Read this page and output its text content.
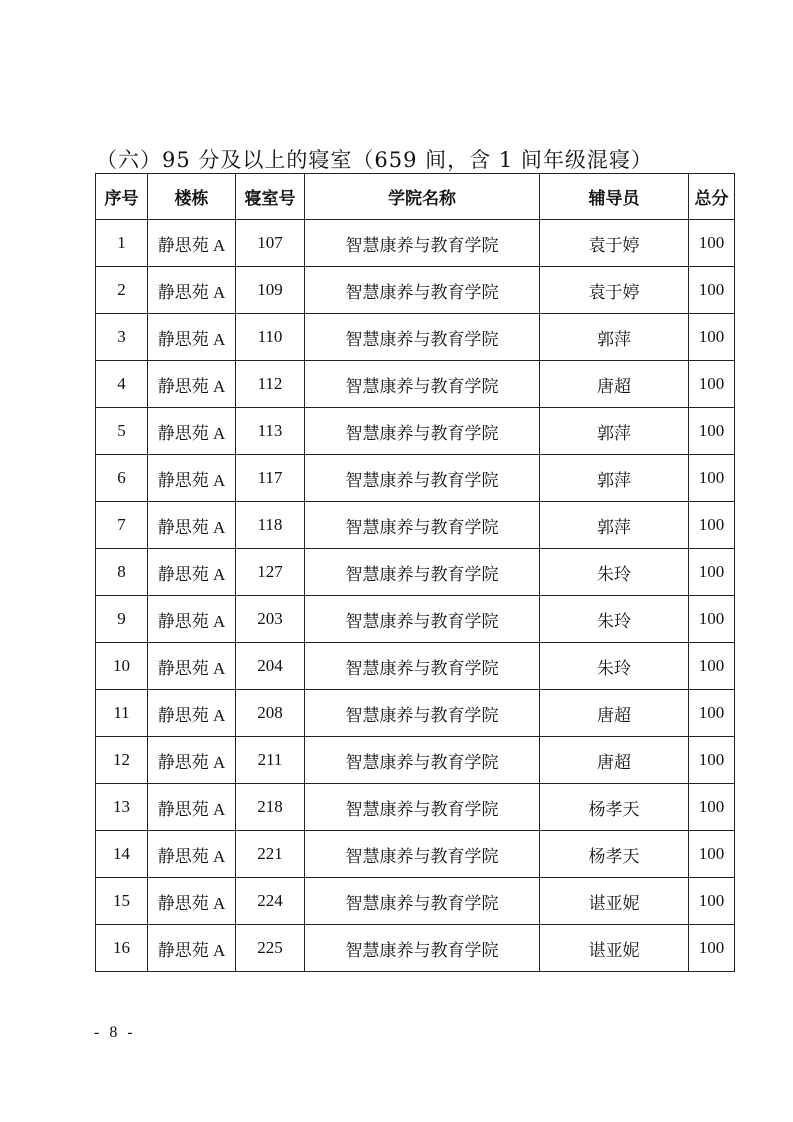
（六）95 分及以上的寝室（659 间，含 1 间年级混寝）
序号	楼栋	寝室号	学院名称	辅导员	总分
1	静思苑 A	107	智慧康养与教育学院	袁于婷	100
2	静思苑 A	109	智慧康养与教育学院	袁于婷	100
3	静思苑 A	110	智慧康养与教育学院	郭萍	100
4	静思苑 A	112	智慧康养与教育学院	唐超	100
5	静思苑 A	113	智慧康养与教育学院	郭萍	100
6	静思苑 A	117	智慧康养与教育学院	郭萍	100
7	静思苑 A	118	智慧康养与教育学院	郭萍	100
8	静思苑 A	127	智慧康养与教育学院	朱玲	100
9	静思苑 A	203	智慧康养与教育学院	朱玲	100
10	静思苑 A	204	智慧康养与教育学院	朱玲	100
11	静思苑 A	208	智慧康养与教育学院	唐超	100
12	静思苑 A	211	智慧康养与教育学院	唐超	100
13	静思苑 A	218	智慧康养与教育学院	杨孝天	100
14	静思苑 A	221	智慧康养与教育学院	杨孝天	100
15	静思苑 A	224	智慧康养与教育学院	谌亚妮	100
16	静思苑 A	225	智慧康养与教育学院	谌亚妮	100
- 8 -
